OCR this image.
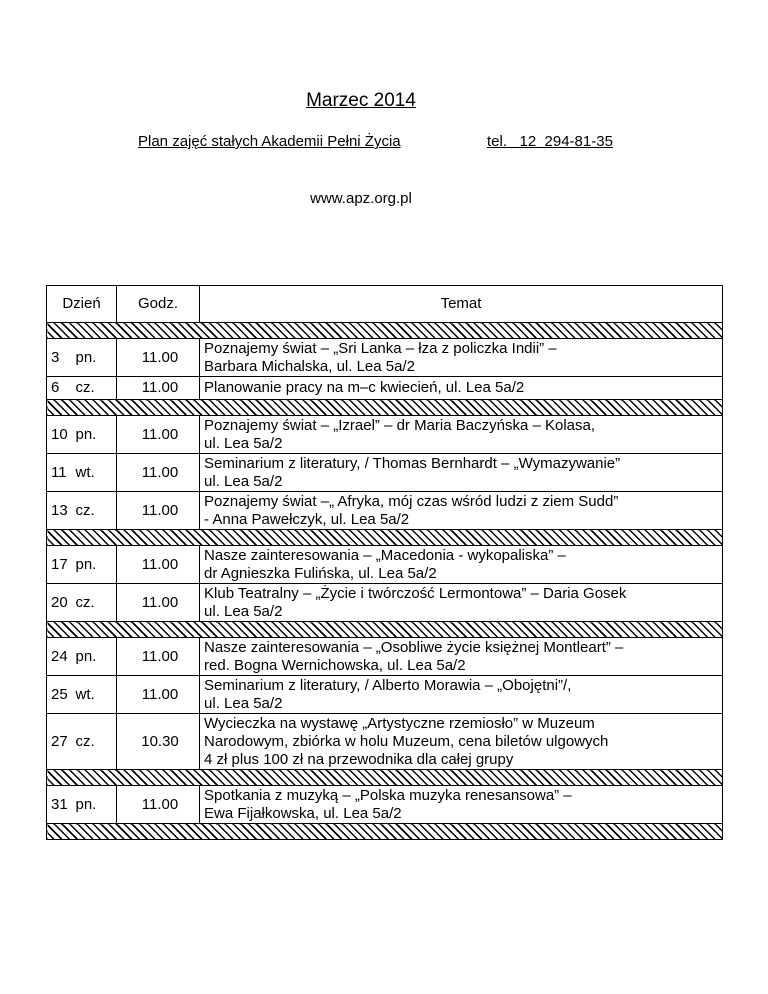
Marzec 2014
Plan zajęć stałych Akademii Pełni Życia	tel.   12  294-81-35
www.apz.org.pl
Dzień		Godz.	Temat

3	pn.	11.00	Poznajemy świat – „Sri Lanka – łza z policzka Indii” –
Barbara Michalska, ul. Lea 5a/2

6	cz.	11.00	Planowanie pracy na m–c kwiecień, ul. Lea 5a/2

10	pn.	11.00	Poznajemy świat – „Izrael” – dr Maria Baczyńska – Kolasa,
ul. Lea 5a/2

11	wt.	11.00	Seminarium z literatury, / Thomas Bernhardt – „Wymazywanie”
ul. Lea 5a/2

13	cz.	11.00	Poznajemy świat –„ Afryka, mój czas wśród ludzi z ziem Sudd”
- Anna Pawełczyk, ul. Lea 5a/2

17	pn.	11.00	Nasze zainteresowania – „Macedonia - wykopaliska” –
dr Agnieszka Fulińska, ul. Lea 5a/2

20	cz.	11.00	Klub Teatralny – „Życie i twórczość Lermontowa” – Daria Gosek
ul. Lea 5a/2

24	pn.	11.00	Nasze zainteresowania – „Osobliwe życie księżnej Montleart” –
red. Bogna Wernichowska, ul. Lea 5a/2

25	wt.	11.00	Seminarium z literatury, / Alberto Morawia – „Obojętni”/,
ul. Lea 5a/2

27	cz.	10.30	Wycieczka na wystawę „Artystyczne rzemiosło” w Muzeum
Narodowym, zbiórka w holu Muzeum, cena biletów ulgowych
4 zł plus 100 zł na przewodnika dla całej grupy

31	pn.	11.00	Spotkania z muzyką – „Polska muzyka renesansowa” –
Ewa Fijałkowska, ul. Lea 5a/2
